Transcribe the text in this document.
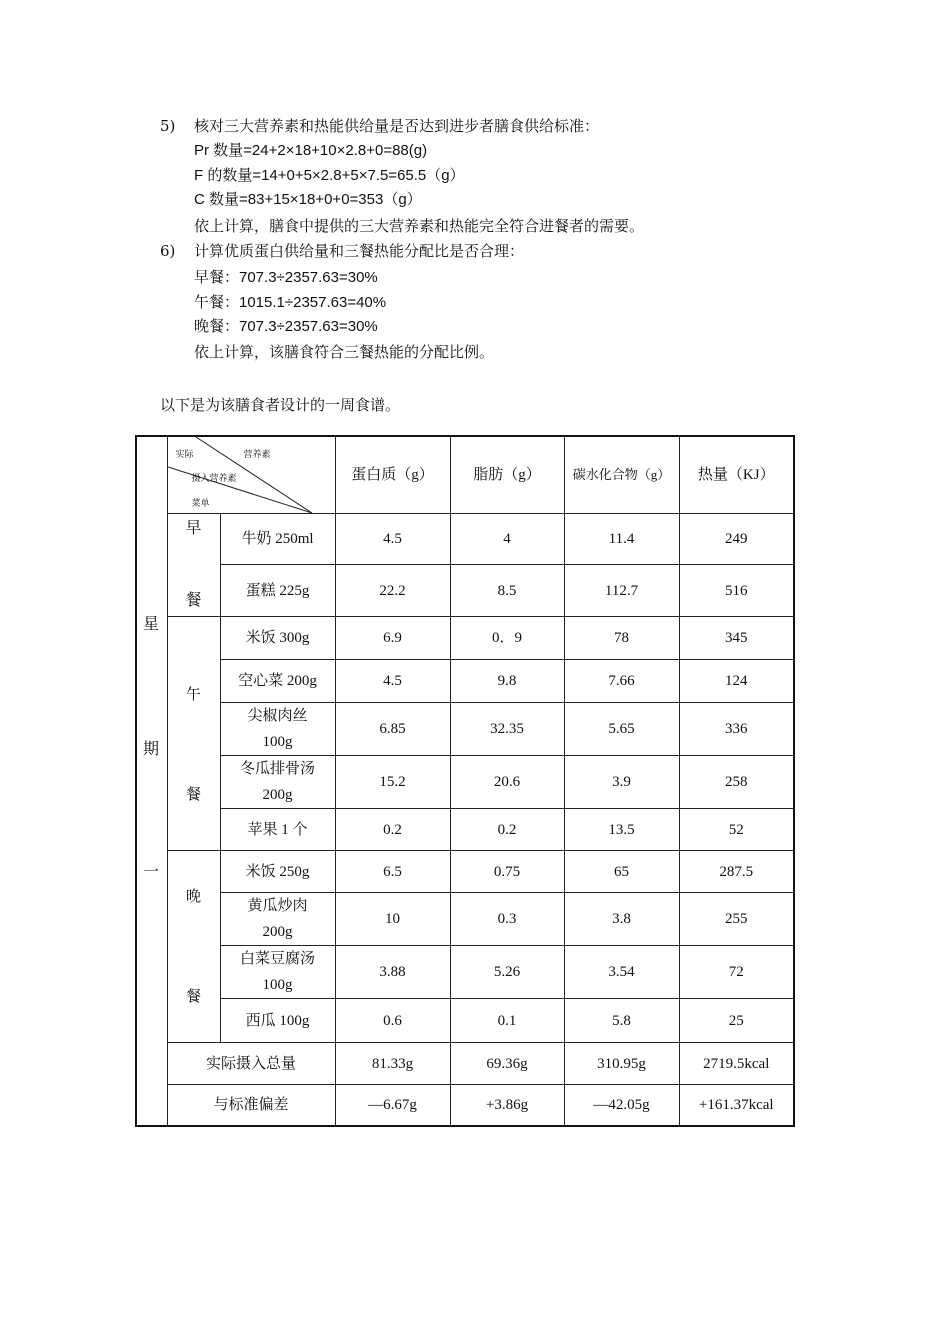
5) 核对三大营养素和热能供给量是否达到进步者膳食供给标准：
Pr 数量=24+2×18+10×2.8+0=88(g)
F 的数量=14+0+5×2.8+5×7.5=65.5（g）
C 数量=83+15×18+0+0=353（g）
依上计算，膳食中提供的三大营养素和热能完全符合进餐者的需要。
6) 计算优质蛋白供给量和三餐热能分配比是否合理：
早餐：707.3÷2357.63=30%
午餐：1015.1÷2357.63=40%
晚餐：707.3÷2357.63=30%
依上计算，该膳食符合三餐热能的分配比例。
以下是为该膳食者设计的一周食谱。

	实际 营养素
摄入营养素
菜单		蛋白质（g）	脂肪（g）	碳水化合物（g）	热量（KJ）

	早
餐	牛奶 250ml	4.5	4	11.4	249
		蛋糕 225g	22.2	8.5	112.7	516

	午
餐	米饭 300g	6.9	0．9	78	345
		空心菜 200g	4.5	9.8	7.66	124
		尖椒肉丝 100g	6.85	32.35	5.65	336
		冬瓜排骨汤 200g	15.2	20.6	3.9	258
		苹果 1 个	0.2	0.2	13.5	52

	晚
餐	米饭 250g	6.5	0.75	65	287.5
		黄瓜炒肉 200g	10	0.3	3.8	255
		白菜豆腐汤 100g	3.88	5.26	3.54	72
		西瓜 100g	0.6	0.1	5.8	25
	实际摄入总量		81.33g	69.36g	310.95g	2719.5kcal
	与标准偏差		—6.67g	+3.86g	—42.05g	+161.37kcal
星
期
一
